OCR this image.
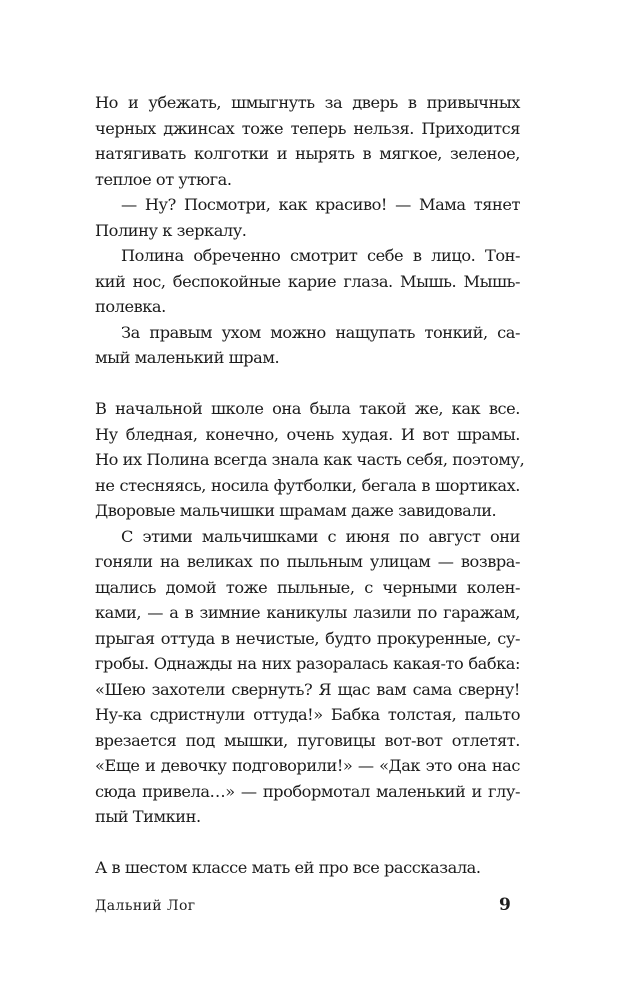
Но и убежать, шмыгнуть за дверь в привычных
черных джинсах тоже теперь нельзя. Приходится
натягивать колготки и нырять в мягкое, зеленое,
теплое от утюга.
— Ну? Посмотри, как красиво! — Мама тянет
Полину к зеркалу.
Полина обреченно смотрит себе в лицо. Тон-
кий нос, беспокойные карие глаза. Мышь. Мышь-
полевка.
За правым ухом можно нащупать тонкий, са-
мый маленький шрам.
В начальной школе она была такой же, как все.
Ну бледная, конечно, очень худая. И вот шрамы.
Но их Полина всегда знала как часть себя, поэтому,
не стесняясь, носила футболки, бегала в шортиках.
Дворовые мальчишки шрамам даже завидовали.
С этими мальчишками с июня по август они
гоняли на великах по пыльным улицам — возвра-
щались домой тоже пыльные, с черными колен-
ками, — а в зимние каникулы лазили по гаражам,
прыгая оттуда в нечистые, будто прокуренные, су-
гробы. Однажды на них разоралась какая-то бабка:
«Шею захотели свернуть? Я щас вам сама сверну!
Ну-ка сдристнули оттуда!» Бабка толстая, пальто
врезается под мышки, пуговицы вот-вот отлетят.
«Еще и девочку подговорили!» — «Дак это она нас
сюда привела…» — пробормотал маленький и глу-
пый Тимкин.
А в шестом классе мать ей про все рассказала.
Дальний Лог	9
